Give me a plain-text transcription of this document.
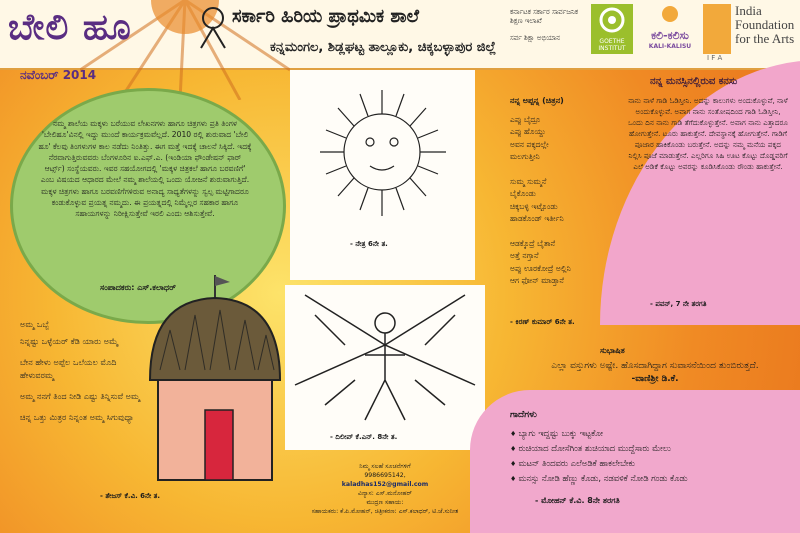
ಬೇಲಿ ಹೂ
ನವೆಂಬರ್ 2014
ಸರ್ಕಾರಿ ಹಿರಿಯ ಪ್ರಾಥಮಿಕ ಶಾಲೆ
ಕನ್ನಮಂಗಲ, ಶಿಡ್ಲಘಟ್ಟ ತಾಲ್ಲೂಕು, ಚಿಕ್ಕಬಳ್ಳಾಪುರ ಜಿಲ್ಲೆ
ಕರ್ನಾಟಕ ಸರ್ಕಾರ ಸಾರ್ವಜನಿಕ ಶಿಕ್ಷಣ ಇಲಾಖೆ

ಸರ್ವ ಶಿಕ್ಷಾ ಅಭಿಯಾನ	GOETHE INSTITUT
ಕಲಿ-ಕಲಿಸು
KALI-KALISU
India Foundation for the Arts
I F A
ನಮ್ಮ ಶಾಲೆಯ ಮಕ್ಕಳು ಬರೆಯುವ ಲೇಖನಗಳು ಹಾಗೂ ಚಿತ್ರಗಳು ಪ್ರತಿ ತಿಂಗಳ 'ಬೇಲಿಹೂ'ವಿನಲ್ಲಿ ಇದ್ದು ಮುಂದೆ ಕಾರ್ಯಕ್ರಮವೆಲ್ಲದೆ. 2010 ರಲ್ಲಿ ಶುರುವಾದ 'ಬೇಲಿ ಹೂ' ಕೆಲವು ತಿಂಗಳುಗಳ ಕಾಲ ನಡೆದು ನಿಂತಿತ್ತು. ಈಗ ಮತ್ತೆ ಇದಕ್ಕೆ ಚಾಲನೆ ಸಿಕ್ಕಿದೆ. ಇದಕ್ಕೆ ನೆರವಾಗುತ್ತಿರುವವರು ಬೆಂಗಳೂರಿನ ಐ.ಎಫ್.ಎ. (ಇಂಡಿಯಾ ಫೌಂಡೇಷನ್ ಫಾರ್ ಆರ್ಟ್ಸ್) ಸಂಸ್ಥೆಯವರು. ಇವರ ಸಹಯೋಗದಲ್ಲಿ 'ಮಕ್ಕಳ ಚಿತ್ರಕಲೆ ಹಾಗೂ ಬರವಣಿಗೆ' ಎಂಬ ವಿಷಯದ ಆಧಾರದ ಮೇಲೆ ನಮ್ಮ ಶಾಲೆಯಲ್ಲಿ ಒಂದು ಯೋಜನೆ ಶುರುವಾಗುತ್ತಿದೆ. ಮಕ್ಕಳ ಚಿತ್ರಗಳು ಹಾಗೂ ಬರವಣಿಗೆಗಳಿರುವ ಅನಾದ್ಯ ಸಾಧ್ಯತೆಗಳನ್ನು ಸ್ವಲ್ಪ ಮಟ್ಟಿಗಾದರೂ ಕಂಡುಕೊಳ್ಳುವ ಪ್ರಯತ್ನ ನಮ್ಮದು. ಈ ಪ್ರಯತ್ನದಲ್ಲಿ ನಿಮ್ಮೆಲ್ಲರ ಸಹಕಾರ ಹಾಗೂ ಸಹಾಯಗಳನ್ನು ನಿರೀಕ್ಷಿಸುತ್ತೇವೆ ಇರಲಿ ಎಂದು ಆಶಿಸುತ್ತೇವೆ.
ಸಂಪಾದಕರು: ಎಸ್.ಕಲಾಧರ್
ಅಮ್ಮ ಒಬ್ಬೆ
ನಿನ್ನಷ್ಟು ಒಳ್ಳೆಯರ್ ಕೆಡಿ ಯಾರು ಅಮ್ಮೆ
ಬೇನ ಹೇಳು ಅಪ್ಪೆಲ ಒಲೆಯಲ ಮೊದಿ ಹೇಳುವರಮ್ಮ
ಅಮ್ಮ ನನಗೆ ತಿಂದ ನೀಡಿ ಎಷ್ಟು ತಿನ್ನಿಸುವೆ ಅಮ್ಮ
ಚಿನ್ನ ಒತ್ತು ಮಿತ್ರರ ನಿನ್ನಂತ ಅಮ್ಮ ಸಿಗುವುಧ್ಯಾ
- ತೇಜಸ್ ಕೆ.ವಿ. 6ನೇ ತ.
- ನೇತ್ರ 6ನೇ ತ.
- ದಿಲೀಪ್ ಕೆ.ಎನ್. 8ನೇ ತ.
ನನ್ನ ಅಪ್ಪನ್ನ (ಚಿತ್ರನ)
ಎಪ್ಪು ಬೈದ್ರೂ
ಎಪ್ಪು ಹೊಯ್ದು
ಅವನ ಪಕ್ಕದಲ್ಲೇ
ಮಲಗುತ್ತೀನಿ

ಸುಮ್ಮ ಸುಮ್ಮನೆ
ಬೈಕೊಂಡು
ಚಿಕ್ಕಬಳ್ಳಿ ಇಟ್ಟೊಂಡು
ಹಾಡಕೊಂಡ್ ಇರ್ತೀನಿ

ಆಡಕ್ಕೊದ್ರೆ ಬೈತಾನೆ
ಅತ್ತೆ ನಗ್ತಾನೆ
ಅಪ್ಪು ಊರಕೋದ್ರೆ ಅಲ್ಲಿನಿ
ಆಗ ಫೋನ್ ಮಾಡ್ತಾನೆ
- ಕಿರಣ್ ಕುಮಾರ್ 6ನೇ ತ.
ನನ್ನ ಮನಸ್ಸಿನಲ್ಲಿರುವ ಕನಸು
ನಾನು ನಾಳೆ ಗಾಡಿ ಓಡಿಸ್ತೀನಿ. ಅದನ್ನು ಕಾಲುಗಳು ಅಂದುಕೊಳ್ಳುವೆ, ನಾಳೆ ಅಂದುಕೊಳ್ಳುವೆ. ಅವಾಗ ನಾನು ಸಂತೋಷದಿಂದ ಗಾಡಿ ಓಡಿಸ್ತೀನಿ, ಒಂದು ದಿನ ನಾನು ಗಾಡಿ ತೆಗೆದುಕೊಳ್ಳುತ್ತೇನೆ. ಅವಾಗ ನಾನು ಎತ್ತಾದರೂ ಹೋಗುತ್ತೇನೆ. ಟೂರು ಹಾಕುತ್ತೇನೆ. ದೇವಸ್ಥಾನಕ್ಕೆ ಹೋಗುತ್ತೇನೆ. ಗಾಡಿಗೆ ಪೂಜಾರ ಹಾಕಿಕೊಂಡು ಬರುತ್ತೇನೆ. ಅದನ್ನು ನಮ್ಮ ಮನೆಯ ಪಕ್ಕದ ನಿಲ್ಲಿಸಿ ಪೂಜೆ ಮಾಡುತ್ತೇನೆ. ಎಲ್ಲರಿಗೂ ಸಿಹಿ ಊಟ ಕೊಟ್ಟು ದೊಡ್ಡವರಿಗೆ ಎಲೆ ಅಡಿಕೆ ಕೊಟ್ಟು ಅವರನ್ನು ಕೂಡಿಸಿಕೊಂಡು ರೌಂಡು ಹಾಕುತ್ತೇನೆ.
- ಪವನ್, 7 ನೇ ತರಗತಿ
ಸುಭಾಷಿತ
ಎಲ್ಲಾ ವಸ್ತುಗಳು ಅಷ್ಟೇ. ಹೊಸದಾಗಿದ್ದಾಗ ಸುವಾಸನೆಯಿಂದ ತುಂಬಿರುತ್ತದೆ.
-ವಾಣಿಶ್ರೀ ಡಿ.ಕೆ.
ಗಾದೆಗಳು
♦ ಬ್ಯಾಗು ಇದ್ದಷ್ಟು ಬುಕ್ಕು ಇಟ್ಟಕೋ
♦ ರುಚಿಯಾದ ದೋಸೆಗಿಂತ ಶುಚಿಯಾದ ಮುದ್ದೆಸಾರು ಮೇಲು
♦ ಮಟನ್ ತಿಂದವರು ಎಲೆಅಡಿಕೆ ಹಾಕಲೇಬೇಕು
♦ ಮನಸ್ಸು ನೋಡಿ ಹೆಣ್ಣು ಕೊಡು, ನಡವಳಿಕೆ ನೋಡಿ ಗಂಡು ಕೊಡು
- ಮೋಹನ್ ಕೆ.ವಿ. 8ನೇ ತರಗತಿ
ನಿಮ್ಮ ಸಲಹೆ ಸೂಚನೆಗಳಿಗೆ
9986695142,
kaladhas152@gmail.com
ವಿನ್ಯಾಸ: ಎಸ್.ಮನೋಹರ್
ಮುದ್ರಣ ಸಹಾಯ:
ಸಹಾಯಕರು: ಕೆ.ಪಿ.ಮೋಹನ್, ಚಿತ್ರೀಕರಣ: ಎಸ್.ಕಲಾಧರ್, ಟಿ.ಜೆ.ಸುನೀತ
